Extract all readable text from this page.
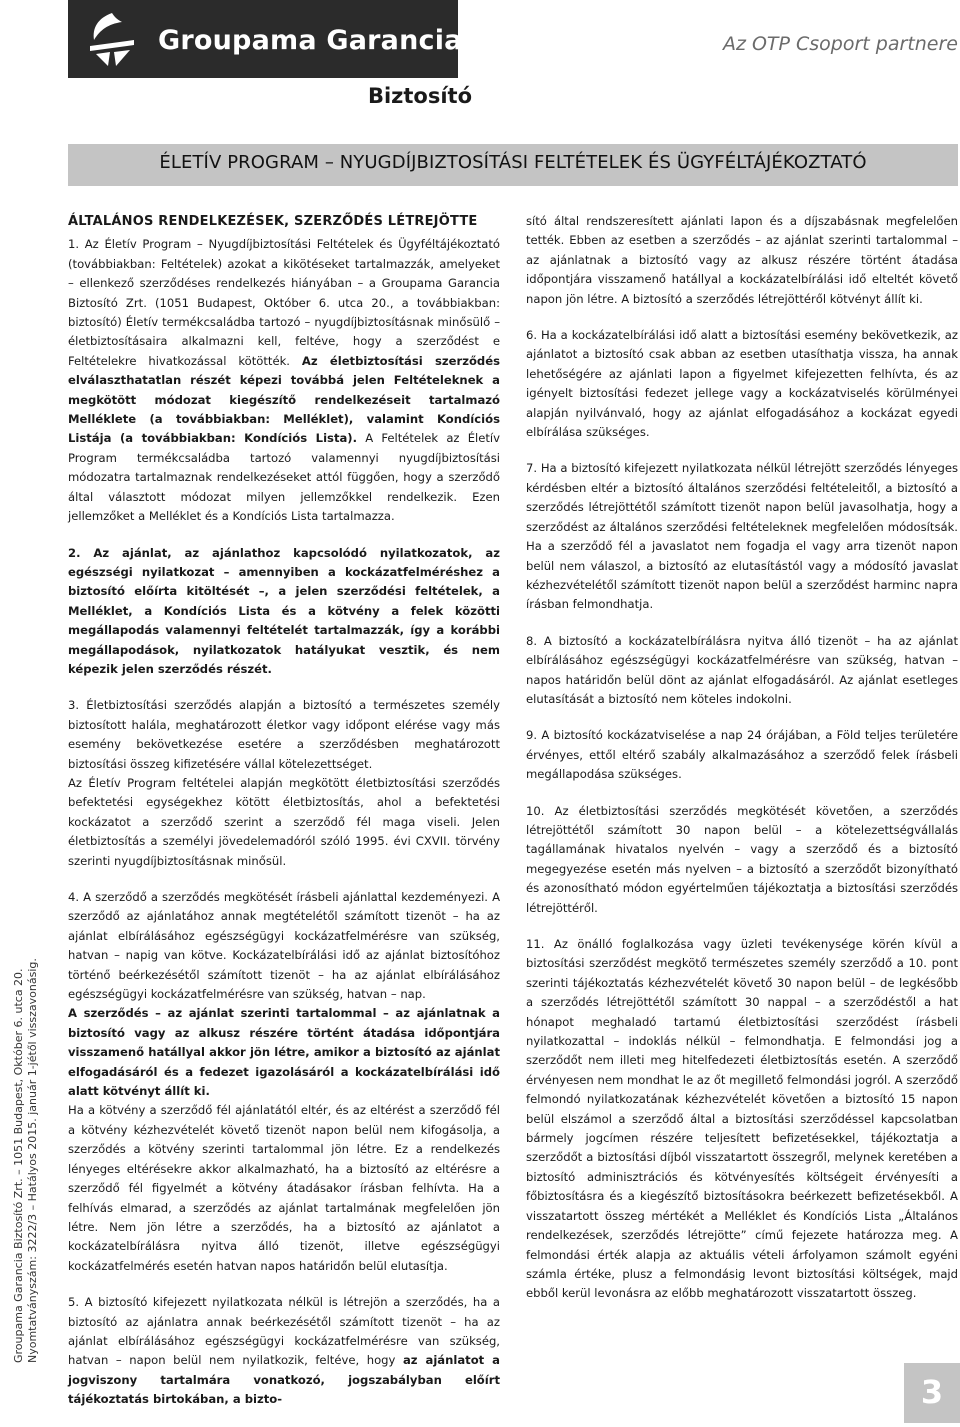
Groupama Garancia	Az OTP Csoport partnere
Biztosító
ÉLETÍV PROGRAM – NYUGDÍJBIZTOSÍTÁSI FELTÉTELEK ÉS ÜGYFÉLTÁJÉKOZTATÓ
Groupama Garancia Biztosító Zrt. – 1051 Budapest, Október 6. utca 20. Nyomtatványszám: 3222/3 – Hatályos 2015. január 1-jétől visszavonásig.
ÁLTALÁNOS RENDELKEZÉSEK, SZERZŐDÉS LÉTREJÖTTE

1. Az Életív Program – Nyugdíjbiztosítási Feltételek és Ügyféltájékoztató (továbbiakban: Feltételek) azokat a kikötéseket tartalmazzák, amelyeket – ellenkező szerződéses rendelkezés hiányában – a Groupama Garancia Biztosító Zrt. (1051 Budapest, Október 6. utca 20., a továbbiakban: biztosító) Életív termékcsaládba tartozó – nyugdíjbiztosításnak minősülő – életbiztosításaira alkalmazni kell, feltéve, hogy a szerződést e Feltételekre hivatkozással kötötték. Az életbiztosítási szerződés elválaszthatatlan részét képezi továbbá jelen Feltételeknek a megkötött módozat kiegészítő rendelkezéseit tartalmazó Melléklete (a továbbiakban: Melléklet), valamint Kondíciós Listája (a továbbiakban: Kondíciós Lista). A Feltételek az Életív Program termékcsaládba tartozó valamennyi nyugdíjbiztosítási módozatra tartalmaznak rendelkezéseket attól függően, hogy a szerződő által választott módozat milyen jellemzőkkel rendelkezik. Ezen jellemzőket a Melléklet és a Kondíciós Lista tartalmazza.

2. Az ajánlat, az ajánlathoz kapcsolódó nyilatkozatok, az egészségi nyilatkozat – amennyiben a kockázatfelméréshez a biztosító előírta kitöltését –, a jelen szerződési feltételek, a Melléklet, a Kondíciós Lista és a kötvény a felek közötti megállapodás valamennyi feltételét tartalmazzák, így a korábbi megállapodások, nyilatkozatok hatályukat vesztik, és nem képezik jelen szerződés részét.

3. Életbiztosítási szerződés alapján a biztosító a természetes személy biztosított halála, meghatározott életkor vagy időpont elérése vagy más esemény bekövetkezése esetére a szerződésben meghatározott biztosítási összeg kifizetésére vállal kötelezettséget.

Az Életív Program feltételei alapján megkötött életbiztosítási szerződés befektetési egységekhez kötött életbiztosítás, ahol a befektetési kockázatot a szerződő szerint a szerződő fél maga viseli. Jelen életbiztosítás a személyi jövedelemadóról szóló 1995. évi CXVII. törvény szerinti nyugdíjbiztosításnak minősül.

4. A szerződő a szerződés megkötését írásbeli ajánlattal kezdeményezi. A szerződő az ajánlatához annak megtételétől számított tizenöt – ha az ajánlat elbírálásához egészségügyi kockázatfelmérésre van szükség, hatvan – napig van kötve. Kockázatelbírálási idő az ajánlat biztosítóhoz történő beérkezésétől számított tizenöt – ha az ajánlat elbírálásához egészségügyi kockázatfelmérésre van szükség, hatvan – nap.

A szerződés – az ajánlat szerinti tartalommal – az ajánlatnak a biztosító vagy az alkusz részére történt átadása időpontjára visszamenő hatállyal akkor jön létre, amikor a biztosító az ajánlat elfogadásáról és a fedezet igazolásáról a kockázatelbírálási idő alatt kötvényt állít ki.

Ha a kötvény a szerződő fél ajánlatától eltér, és az eltérést a szerződő fél a kötvény kézhezvételét követő tizenöt napon belül nem kifogásolja, a szerződés a kötvény szerinti tartalommal jön létre. Ez a rendelkezés lényeges eltérésekre akkor alkalmazható, ha a biztosító az eltérésre a szerződő fél figyelmét a kötvény átadásakor írásban felhívta. Ha a felhívás elmarad, a szerződés az ajánlat tartalmának megfelelően jön létre. Nem jön létre a szerződés, ha a biztosító az ajánlatot a kockázatelbírálásra nyitva álló tizenöt, illetve egészségügyi kockázatfelmérés esetén hatvan napos határidőn belül elutasítja.

5. A biztosító kifejezett nyilatkozata nélkül is létrejön a szerződés, ha a biztosító az ajánlatra annak beérkezésétől számított tizenöt – ha az ajánlat elbírálásához egészségügyi kockázatfelmérésre van szükség, hatvan – napon belül nem nyilatkozik, feltéve, hogy az ajánlatot a jogviszony tartalmára vonatkozó, jogszabályban előírt tájékoztatás birtokában, a bizto-

sító által rendszeresített ajánlati lapon és a díjszabásnak megfelelően tették. Ebben az esetben a szerződés – az ajánlat szerinti tartalommal – az ajánlatnak a biztosító vagy az alkusz részére történt átadása időpontjára visszamenő hatállyal a kockázatelbírálási idő elteltét követő napon jön létre. A biztosító a szerződés létrejöttéről kötvényt állít ki.

6. Ha a kockázatelbírálási idő alatt a biztosítási esemény bekövetkezik, az ajánlatot a biztosító csak abban az esetben utasíthatja vissza, ha annak lehetőségére az ajánlati lapon a figyelmet kifejezetten felhívta, és az igényelt biztosítási fedezet jellege vagy a kockázatviselés körülményei alapján nyilvánvaló, hogy az ajánlat elfogadásához a kockázat egyedi elbírálása szükséges.

7. Ha a biztosító kifejezett nyilatkozata nélkül létrejött szerződés lényeges kérdésben eltér a biztosító általános szerződési feltételeitől, a biztosító a szerződés létrejöttétől számított tizenöt napon belül javasolhatja, hogy a szerződést az általános szerződési feltételeknek megfelelően módosítsák. Ha a szerződő fél a javaslatot nem fogadja el vagy arra tizenöt napon belül nem válaszol, a biztosító az elutasítástól vagy a módosító javaslat kézhezvételétől számított tizenöt napon belül a szerződést harminc napra írásban felmondhatja.

8. A biztosító a kockázatelbírálásra nyitva álló tizenöt – ha az ajánlat elbírálásához egészségügyi kockázatfelmérésre van szükség, hatvan – napos határidőn belül dönt az ajánlat elfogadásáról. Az ajánlat esetleges elutasítását a biztosító nem köteles indokolni.

9. A biztosító kockázatviselése a nap 24 órájában, a Föld teljes területére érvényes, ettől eltérő szabály alkalmazásához a szerződő felek írásbeli megállapodása szükséges.

10. Az életbiztosítási szerződés megkötését követően, a szerződés létrejöttétől számított 30 napon belül – a kötelezettségvállalás tagállamának hivatalos nyelvén – vagy a szerződő és a biztosító megegyezése esetén más nyelven – a biztosító a szerződőt bizonyítható és azonosítható módon egyértelműen tájékoztatja a biztosítási szerződés létrejöttéről.

11. Az önálló foglalkozása vagy üzleti tevékenysége körén kívül a biztosítási szerződést megkötő természetes személy szerződő a 10. pont szerinti tájékoztatás kézhezvételét követő 30 napon belül – de legkésőbb a szerződés létrejöttétől számított 30 nappal – a szerződéstől a hat hónapot meghaladó tartamú életbiztosítási szerződést írásbeli nyilatkozattal – indoklás nélkül – felmondhatja. E felmondási jog a szerződőt nem illeti meg hitelfedezeti életbiztosítás esetén. A szerződő érvényesen nem mondhat le az őt megillető felmondási jogról. A szerződő felmondó nyilatkozatának kézhezvételét követően a biztosító 15 napon belül elszámol a szerződő által a biztosítási szerződéssel kapcsolatban bármely jogcímen részére teljesített befizetésekkel, tájékoztatja a szerződőt a biztosítási díjból visszatartott összegről, melynek keretében a biztosító adminisztrációs és kötvényesítés költségeit érvényesíti a főbiztosításra és a kiegészítő biztosításokra beérkezett befizetésekből. A visszatartott összeg mértékét a Melléklet és Kondíciós Lista „Általános rendelkezések, szerződés létrejötte” című fejezete határozza meg. A felmondási érték alapja az aktuális vételi árfolyamon számolt egyéni számla értéke, plusz a felmondásig levont biztosítási költségek, majd ebből kerül levonásra az előbb meghatározott visszatartott összeg.

3
